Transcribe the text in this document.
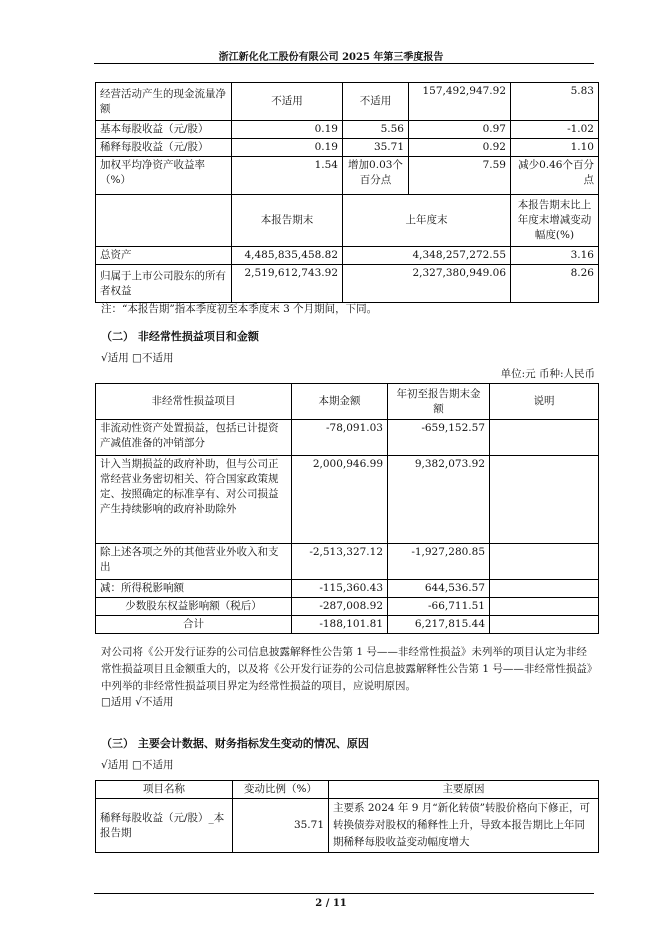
浙江新化化工股份有限公司 2025 年第三季度报告
经营活动产生的现金流量净额	不适用	不适用	157,492,947.92	5.83
基本每股收益（元/股）	0.19	5.56	0.97	-1.02
稀释每股收益（元/股）	0.19	35.71	0.92	1.10
加权平均净资产收益率（%）	1.54	增加0.03个百分点	7.59	减少0.46个百分点
	本报告期末	上年度末		本报告期末比上年度末增减变动幅度(%)
总资产	4,485,835,458.82	4,348,257,272.55		3.16
归属于上市公司股东的所有者权益	2,519,612,743.92	2,327,380,949.06		8.26
注：“本报告期”指本季度初至本季度末 3 个月期间，下同。
（二） 非经常性损益项目和金额
√适用 □不适用
单位:元 币种:人民币
非经常性损益项目	本期金额	年初至报告期末金额	说明
非流动性资产处置损益，包括已计提资产减值准备的冲销部分	-78,091.03	-659,152.57	
计入当期损益的政府补助，但与公司正常经营业务密切相关、符合国家政策规定、按照确定的标准享有、对公司损益产生持续影响的政府补助除外	2,000,946.99	9,382,073.92	
除上述各项之外的其他营业外收入和支出	-2,513,327.12	-1,927,280.85	
减：所得税影响额	-115,360.43	644,536.57	
少数股东权益影响额（税后）	-287,008.92	-66,711.51	
合计	-188,101.81	6,217,815.44	
对公司将《公开发行证券的公司信息披露解释性公告第 1 号——非经常性损益》未列举的项目认定为非经常性损益项目且金额重大的，以及将《公开发行证券的公司信息披露解释性公告第 1 号——非经常性损益》中列举的非经常性损益项目界定为经常性损益的项目，应说明原因。
□适用 √不适用
（三） 主要会计数据、财务指标发生变动的情况、原因
√适用 □不适用
项目名称	变动比例（%）	主要原因
稀释每股收益（元/股）_本报告期	35.71	主要系 2024 年 9 月“新化转债”转股价格向下修正，可转换债券对股权的稀释性上升，导致本报告期比上年同期稀释每股收益变动幅度增大
2 / 11
